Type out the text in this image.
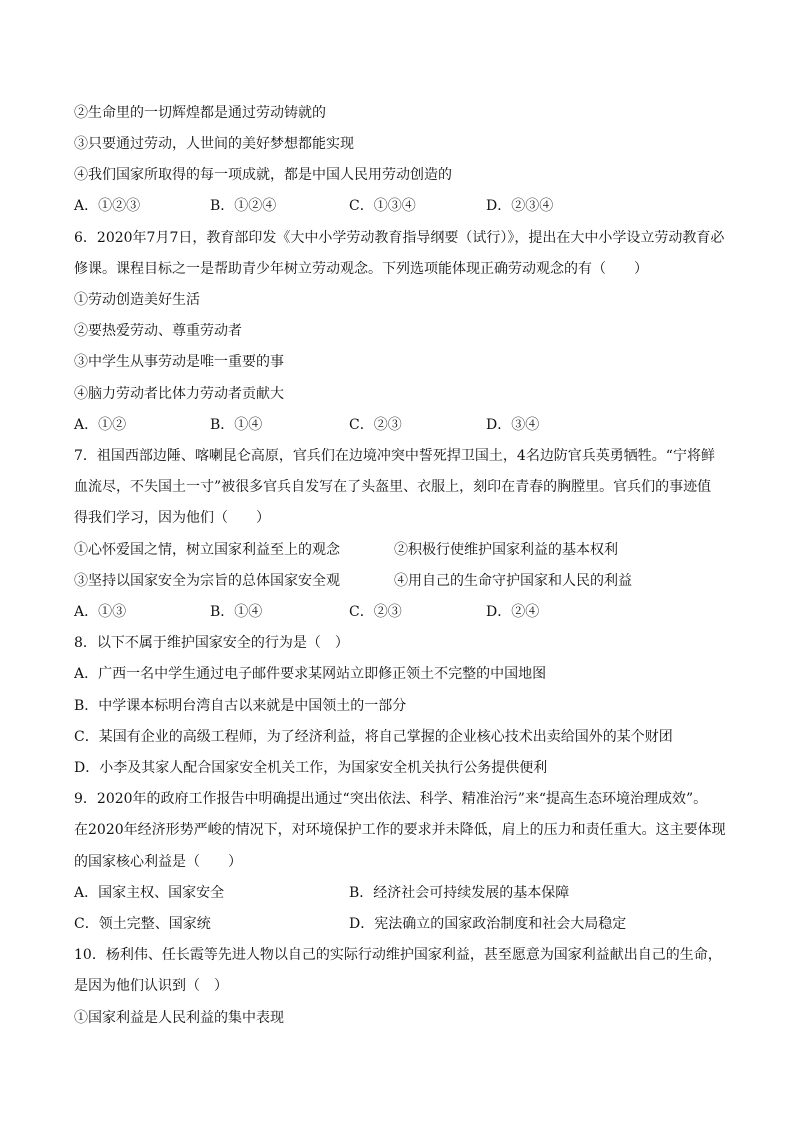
②生命里的一切辉煌都是通过劳动铸就的
③只要通过劳动，人世间的美好梦想都能实现
④我们国家所取得的每一项成就，都是中国人民用劳动创造的
A．①②③	B．①②④	C．①③④	D．②③④
6．2020年7月7日，教育部印发《大中小学劳动教育指导纲要（试行）》，提出在大中小学设立劳动教育必
修课。课程目标之一是帮助青少年树立劳动观念。下列选项能体现正确劳动观念的有（　　）
①劳动创造美好生活
②要热爱劳动、尊重劳动者
③中学生从事劳动是唯一重要的事
④脑力劳动者比体力劳动者贡献大
A．①②	B．①④	C．②③	D．③④
7．祖国西部边陲、喀喇昆仑高原，官兵们在边境冲突中誓死捍卫国土，4名边防官兵英勇牺牲。“宁将鲜
血流尽，不失国土一寸”被很多官兵自发写在了头盔里、衣服上，刻印在青春的胸膛里。官兵们的事迹值
得我们学习，因为他们（　　）
①心怀爱国之情，树立国家利益至上的观念	②积极行使维护国家利益的基本权利
③坚持以国家安全为宗旨的总体国家安全观	④用自己的生命守护国家和人民的利益
A．①③	B．①④	C．②③	D．②④
8．以下不属于维护国家安全的行为是（　）
A．广西一名中学生通过电子邮件要求某网站立即修正领土不完整的中国地图
B．中学课本标明台湾自古以来就是中国领土的一部分
C．某国有企业的高级工程师，为了经济利益，将自己掌握的企业核心技术出卖给国外的某个财团
D．小李及其家人配合国家安全机关工作，为国家安全机关执行公务提供便利
9．2020年的政府工作报告中明确提出通过“突出依法、科学、精准治污”来“提高生态环境治理成效”。
在2020年经济形势严峻的情况下，对环境保护工作的要求并未降低，肩上的压力和责任重大。这主要体现
的国家核心利益是（　　）
A．国家主权、国家安全	B．经济社会可持续发展的基本保障
C．领土完整、国家统	D．宪法确立的国家政治制度和社会大局稳定
10．杨利伟、任长霞等先进人物以自己的实际行动维护国家利益，甚至愿意为国家利益献出自己的生命，
是因为他们认识到（　）
①国家利益是人民利益的集中表现
